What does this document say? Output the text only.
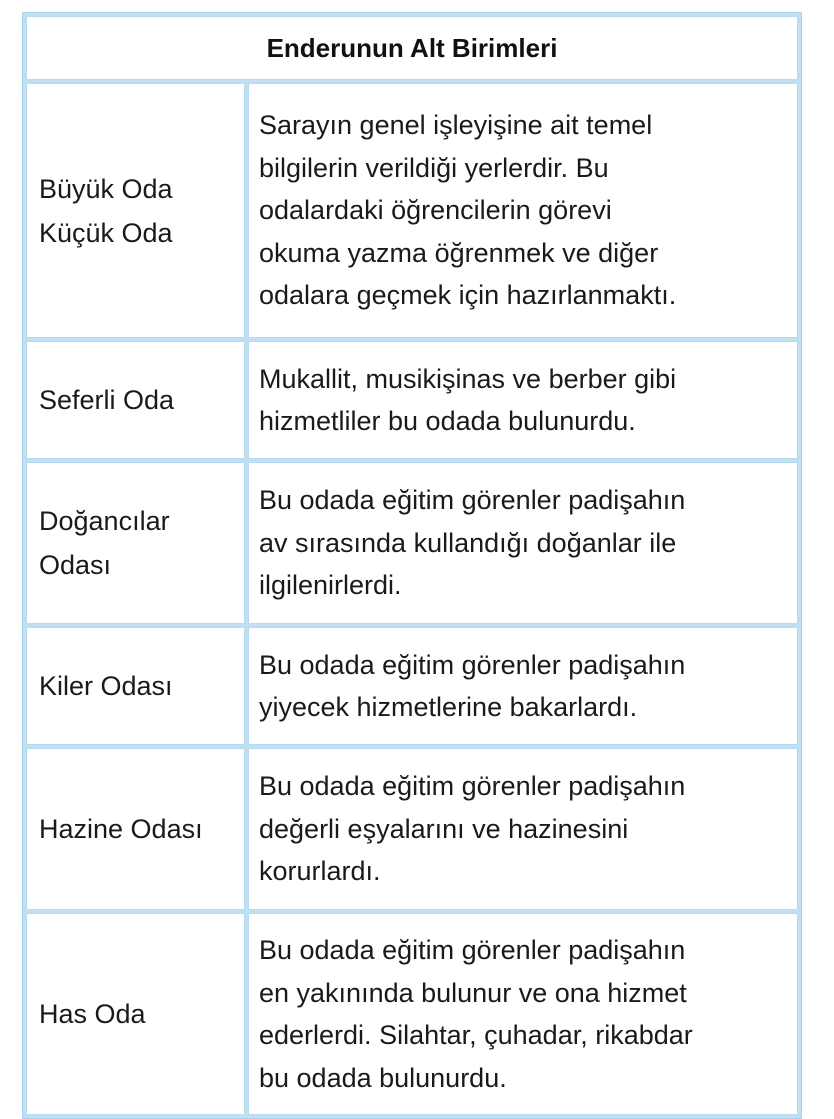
Enderunun Alt Birimleri	

Büyük Oda
Küçük Oda	Sarayın genel işleyişine ait temel
bilgilerin verildiği yerlerdir. Bu
odalardaki öğrencilerin görevi
okuma yazma öğrenmek ve diğer
odalara geçmek için hazırlanmaktı.

Seferli Oda	Mukallit, musikişinas ve berber gibi
hizmetliler bu odada bulunurdu.

Doğancılar
Odası	Bu odada eğitim görenler padişahın
av sırasında kullandığı doğanlar ile
ilgilenirlerdi.

Kiler Odası	Bu odada eğitim görenler padişahın
yiyecek hizmetlerine bakarlardı.

Hazine Odası	Bu odada eğitim görenler padişahın
değerli eşyalarını ve hazinesini
korurlardı.

Has Oda	Bu odada eğitim görenler padişahın
en yakınında bulunur ve ona hizmet
ederlerdi. Silahtar, çuhadar, rikabdar
bu odada bulunurdu.
